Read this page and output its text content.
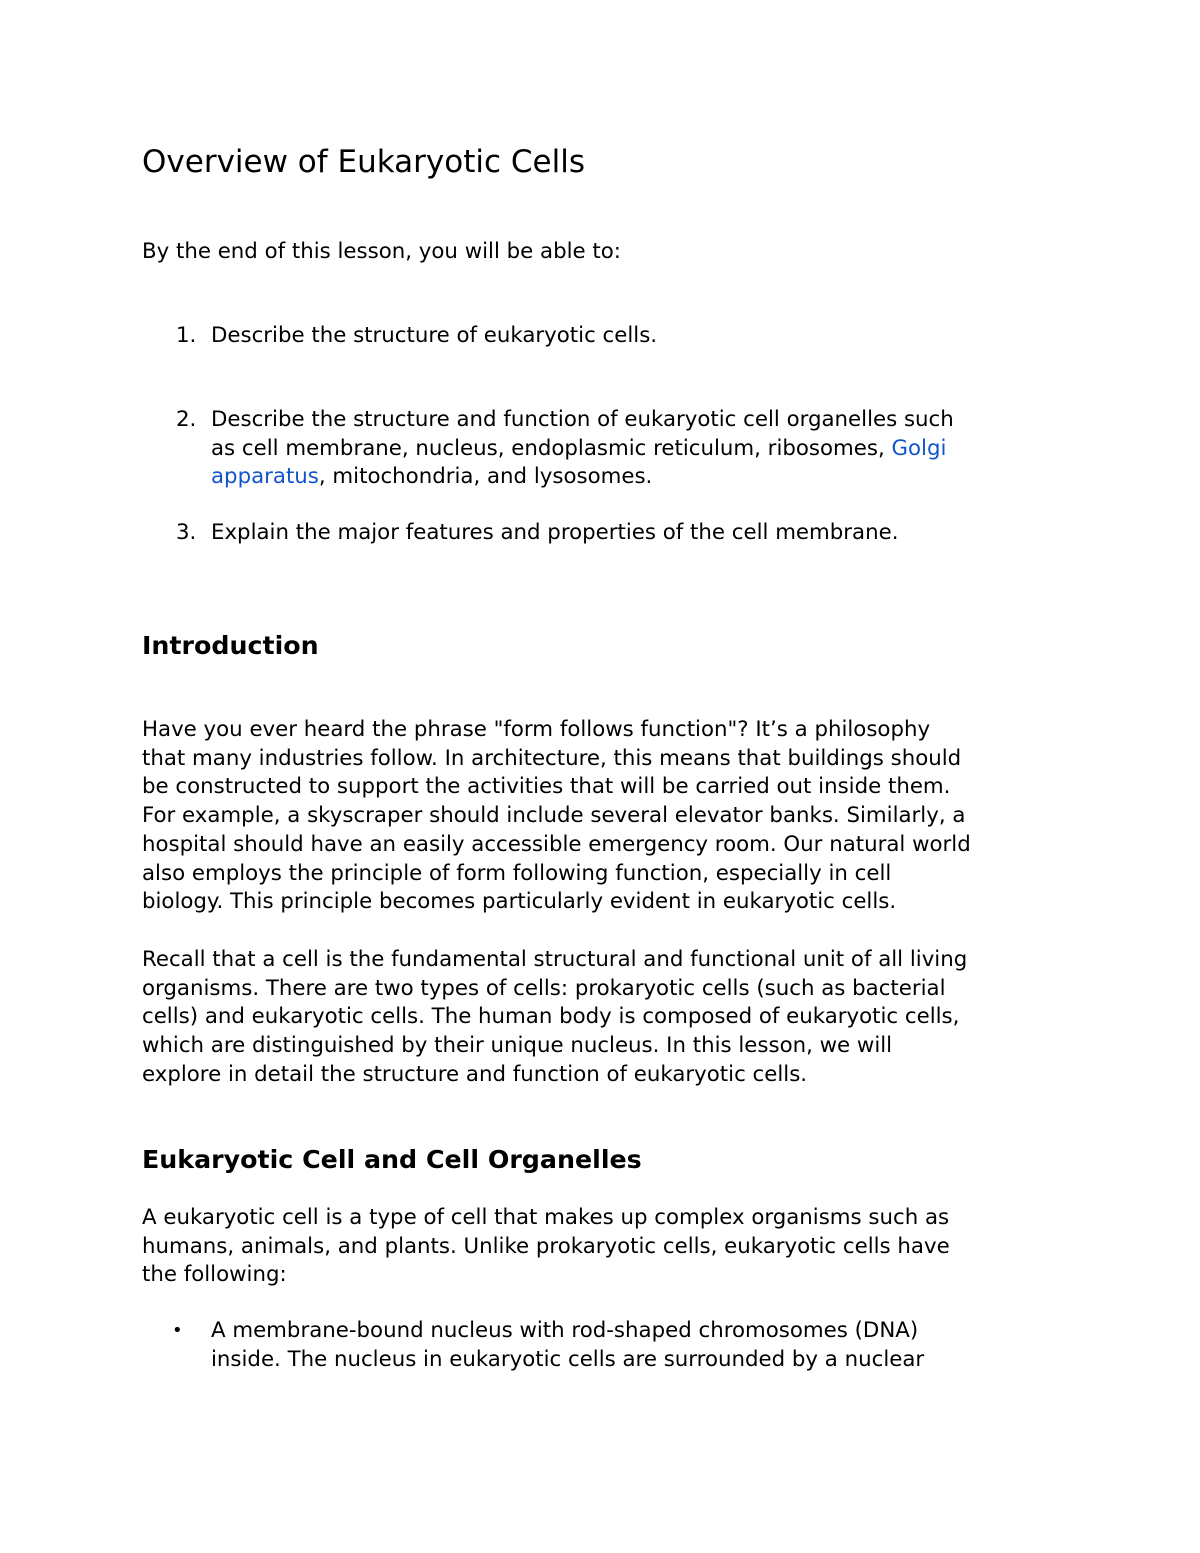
Overview of Eukaryotic Cells

By the end of this lesson, you will be able to:

1. Describe the structure of eukaryotic cells.
2. Describe the structure and function of eukaryotic cell organelles such
as cell membrane, nucleus, endoplasmic reticulum, ribosomes, Golgi
apparatus, mitochondria, and lysosomes.
3. Explain the major features and properties of the cell membrane.
Introduction

Have you ever heard the phrase "form follows function"? It’s a philosophy
that many industries follow. In architecture, this means that buildings should
be constructed to support the activities that will be carried out inside them.
For example, a skyscraper should include several elevator banks. Similarly, a
hospital should have an easily accessible emergency room. Our natural world
also employs the principle of form following function, especially in cell
biology. This principle becomes particularly evident in eukaryotic cells.

Recall that a cell is the fundamental structural and functional unit of all living
organisms. There are two types of cells: prokaryotic cells (such as bacterial
cells) and eukaryotic cells. The human body is composed of eukaryotic cells,
which are distinguished by their unique nucleus. In this lesson, we will
explore in detail the structure and function of eukaryotic cells.

Eukaryotic Cell and Cell Organelles

A eukaryotic cell is a type of cell that makes up complex organisms such as
humans, animals, and plants. Unlike prokaryotic cells, eukaryotic cells have
the following:

• A membrane-bound nucleus with rod-shaped chromosomes (DNA)
inside. The nucleus in eukaryotic cells are surrounded by a nuclear
